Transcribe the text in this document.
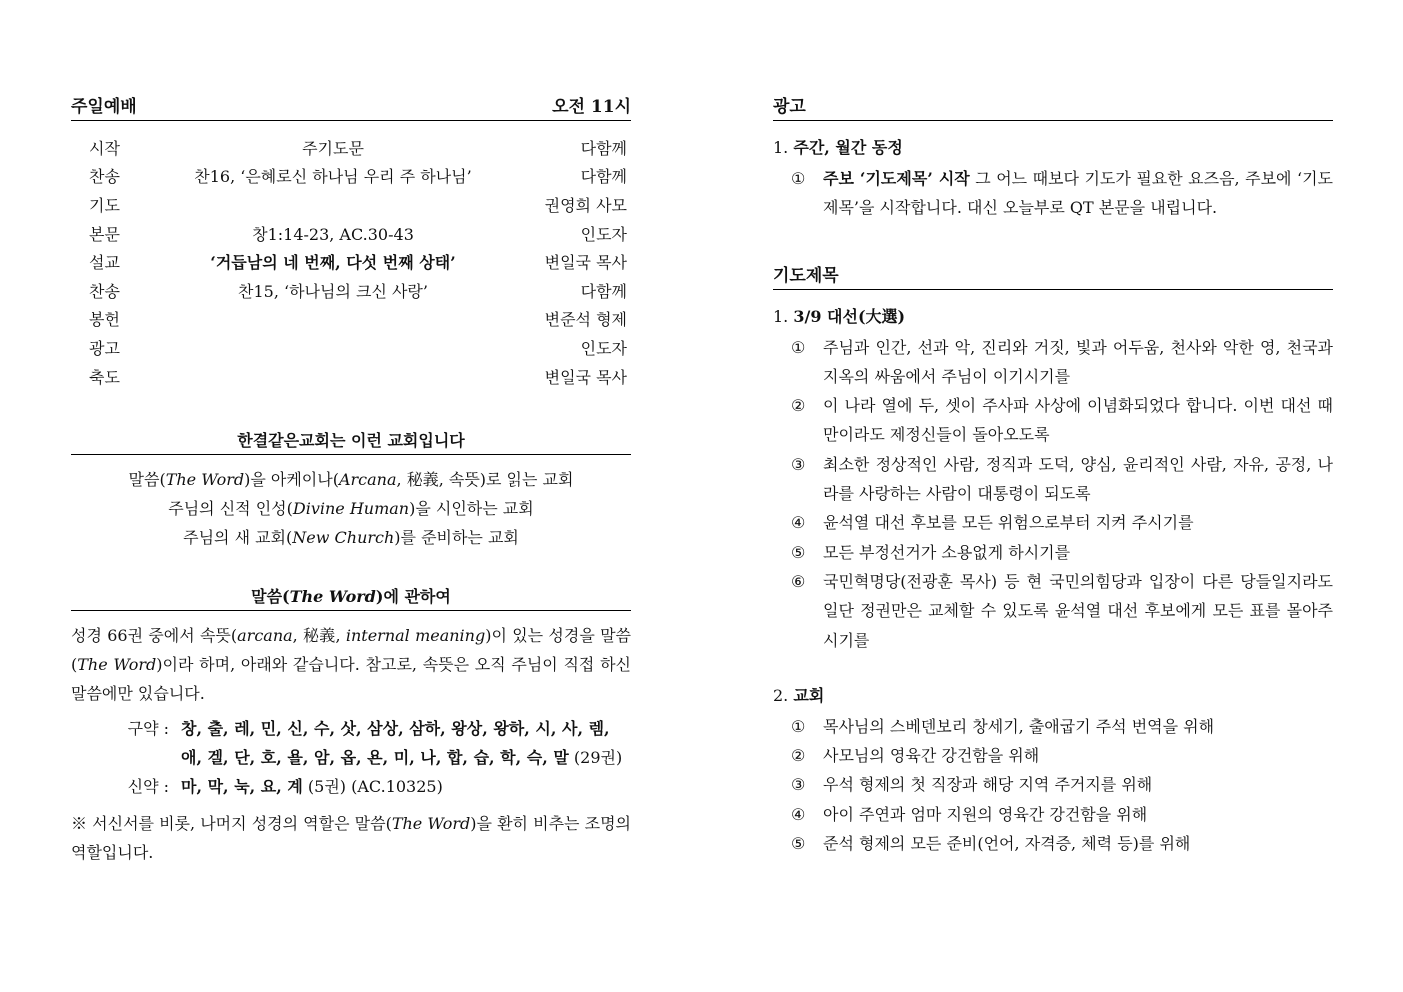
주일예배	오전 11시
시작	주기도문	다함께
찬송	찬16, ‘은혜로신 하나님 우리 주 하나님’	다함께
기도		권영희 사모
본문	창1:14-23, AC.30-43	인도자
설교	‘거듭남의 네 번째, 다섯 번째 상태’	변일국 목사
찬송	찬15, ‘하나님의 크신 사랑’	다함께
봉헌		변준석 형제
광고		인도자
축도		변일국 목사
한결같은교회는 이런 교회입니다
말씀(The Word)을 아케이나(Arcana, 秘義, 속뜻)로 읽는 교회
주님의 신적 인성(Divine Human)을 시인하는 교회
주님의 새 교회(New Church)를 준비하는 교회
말씀(The Word)에 관하여
성경 66권 중에서 속뜻(arcana, 秘義, internal meaning)이 있는 성경을 말씀(The Word)이라 하며, 아래와 같습니다. 참고로, 속뜻은 오직 주님이 직접 하신 말씀에만 있습니다.
구약 : 창, 출, 레, 민, 신, 수, 삿, 삼상, 삼하, 왕상, 왕하, 시, 사, 렘, 애, 겔, 단, 호, 욜, 암, 옵, 욘, 미, 나, 합, 습, 학, 슥, 말 (29권)
신약 : 마, 막, 눅, 요, 계 (5권) (AC.10325)
※ 서신서를 비롯, 나머지 성경의 역할은 말씀(The Word)을 환히 비추는 조명의 역할입니다.
광고
1. 주간, 월간 동정
①	주보 ‘기도제목’ 시작 그 어느 때보다 기도가 필요한 요즈음, 주보에 ‘기도제목’을 시작합니다. 대신 오늘부로 QT 본문을 내립니다.
기도제목
1. 3/9 대선(大選)
①	주님과 인간, 선과 악, 진리와 거짓, 빛과 어두움, 천사와 악한 영, 천국과 지옥의 싸움에서 주님이 이기시기를
②	이 나라 열에 두, 셋이 주사파 사상에 이념화되었다 합니다. 이번 대선 때만이라도 제정신들이 돌아오도록
③	최소한 정상적인 사람, 정직과 도덕, 양심, 윤리적인 사람, 자유, 공정, 나라를 사랑하는 사람이 대통령이 되도록
④	윤석열 대선 후보를 모든 위험으로부터 지켜 주시기를
⑤	모든 부정선거가 소용없게 하시기를
⑥	국민혁명당(전광훈 목사) 등 현 국민의힘당과 입장이 다른 당들일지라도 일단 정권만은 교체할 수 있도록 윤석열 대선 후보에게 모든 표를 몰아주시기를
2. 교회
①	목사님의 스베덴보리 창세기, 출애굽기 주석 번역을 위해
②	사모님의 영육간 강건함을 위해
③	우석 형제의 첫 직장과 해당 지역 주거지를 위해
④	아이 주연과 엄마 지원의 영육간 강건함을 위해
⑤	준석 형제의 모든 준비(언어, 자격증, 체력 등)를 위해
